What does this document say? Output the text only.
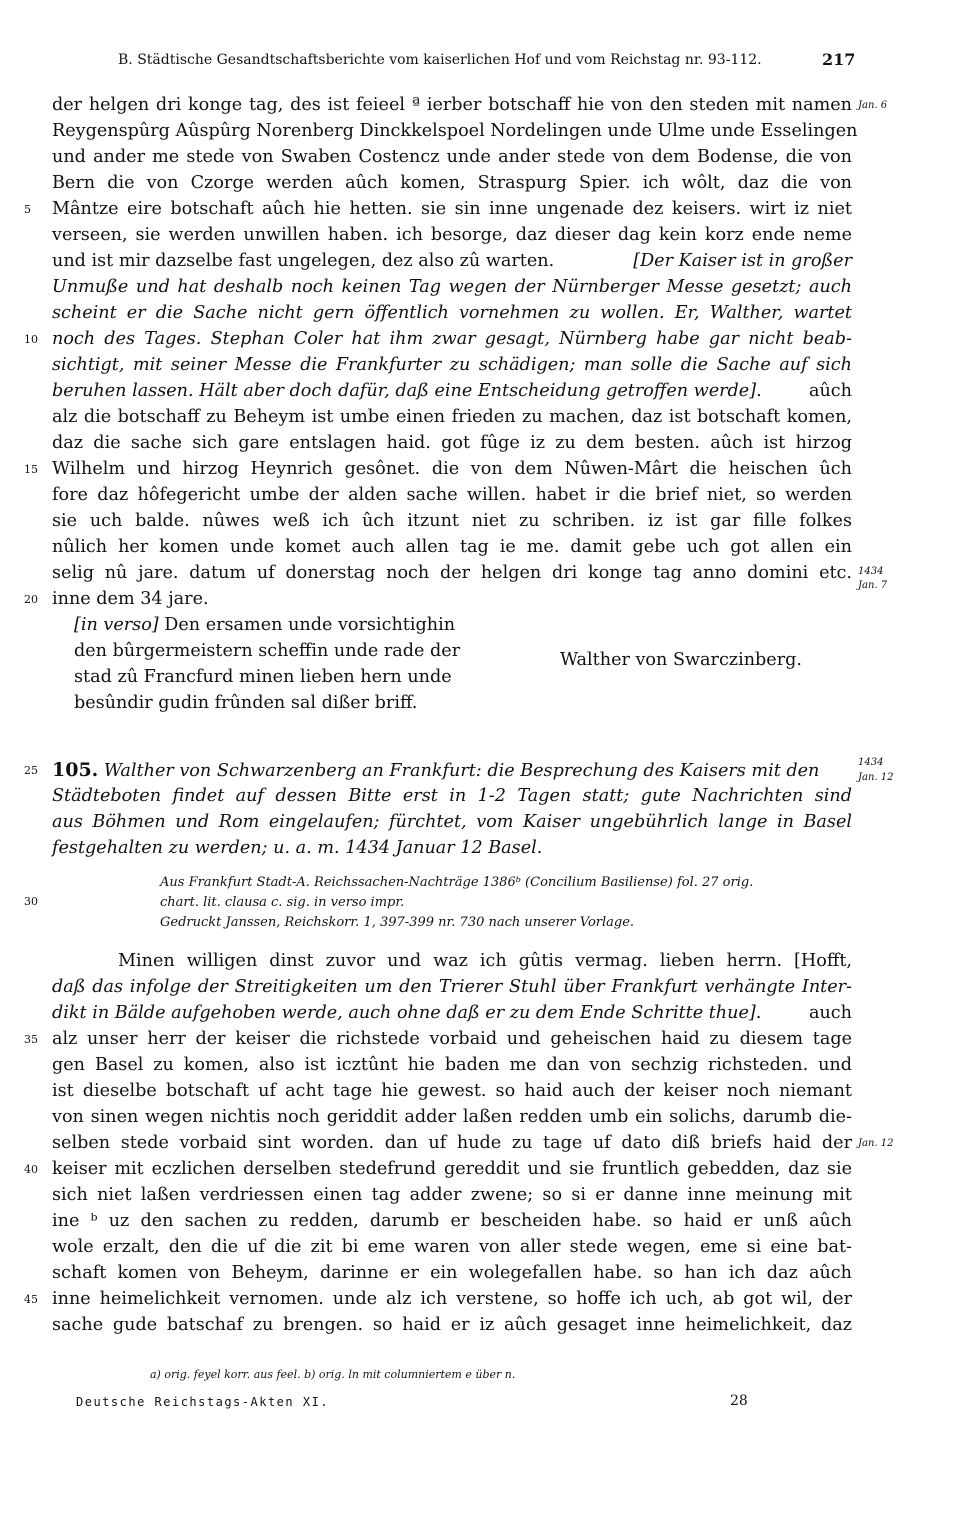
B. Städtische Gesandtschaftsberichte vom kaiserlichen Hof und vom Reichstag nr. 93-112.	217
der helgen dri konge tag, des ist feieel ª ierber botschaff hie von den steden mit namen
Reygenspûrg Aûspûrg Norenberg Dinckkelspoel Nordelingen unde Ulme unde Esselingen
und ander me stede von Swaben Costencz unde ander stede von dem Bodense, die von
Bern die von Czorge werden aûch komen, Straspurg Spier. ich wôlt, daz die von
Mântze eire botschaft aûch hie hetten. sie sin inne ungenade dez keisers. wirt iz niet
verseen, sie werden unwillen haben. ich besorge, daz dieser dag kein korz ende neme
und ist mir dazselbe fast ungelegen, dez also zû warten.	[Der Kaiser ist in großer
Unmuße und hat deshalb noch keinen Tag wegen der Nürnberger Messe gesetzt; auch
scheint er die Sache nicht gern öffentlich vornehmen zu wollen. Er, Walther, wartet
noch des Tages. Stephan Coler hat ihm zwar gesagt, Nürnberg habe gar nicht beab-
sichtigt, mit seiner Messe die Frankfurter zu schädigen; man solle die Sache auf sich
beruhen lassen. Hält aber doch dafür, daß eine Entscheidung getroffen werde].	aûch
alz die botschaff zu Beheym ist umbe einen frieden zu machen, daz ist botschaft komen,
daz die sache sich gare entslagen haid. got fûge iz zu dem besten. aûch ist hirzog
Wilhelm und hirzog Heynrich gesônet. die von dem Nûwen-Mârt die heischen ûch
fore daz hôfegericht umbe der alden sache willen. habet ir die brief niet, so werden
sie uch balde. nûwes weß ich ûch itzunt niet zu schriben. iz ist gar fille folkes
nûlich her komen unde komet auch allen tag ie me. damit gebe uch got allen ein
selig nû jare. datum uf donerstag noch der helgen dri konge tag anno domini etc.
inne dem 34 jare.
[in verso] Den ersamen unde vorsichtighin
den bûrgermeistern scheffin unde rade der
stad zû Francfurd minen lieben hern unde
besûndir gudin frûnden sal dißer briff.
Walther von Swarczinberg.
105. Walther von Schwarzenberg an Frankfurt: die Besprechung des Kaisers mit den
Städteboten findet auf dessen Bitte erst in 1-2 Tagen statt; gute Nachrichten sind
aus Böhmen und Rom eingelaufen; fürchtet, vom Kaiser ungebührlich lange in Basel
festgehalten zu werden; u. a. m. 1434 Januar 12 Basel.
Aus Frankfurt Stadt-A. Reichssachen-Nachträge 1386ᵇ (Concilium Basiliense) fol. 27 orig.
chart. lit. clausa c. sig. in verso impr.
Gedruckt Janssen, Reichskorr. 1, 397-399 nr. 730 nach unserer Vorlage.
Minen willigen dinst zuvor und waz ich gûtis vermag. lieben herrn. [Hofft,
daß das infolge der Streitigkeiten um den Trierer Stuhl über Frankfurt verhängte Inter-
dikt in Bälde aufgehoben werde, auch ohne daß er zu dem Ende Schritte thue].	auch
alz unser herr der keiser die richstede vorbaid und geheischen haid zu diesem tage
gen Basel zu komen, also ist icztûnt hie baden me dan von sechzig richsteden. und
ist dieselbe botschaft uf acht tage hie gewest. so haid auch der keiser noch niemant
von sinen wegen nichtis noch geriddit adder laßen redden umb ein solichs, darumb die-
selben stede vorbaid sint worden. dan uf hude zu tage uf dato diß briefs haid der
keiser mit eczlichen derselben stedefrund gereddit und sie fruntlich gebedden, daz sie
sich niet laßen verdriessen einen tag adder zwene; so si er danne inne meinung mit
ine ᵇ uz den sachen zu redden, darumb er bescheiden habe. so haid er unß aûch
wole erzalt, den die uf die zit bi eme waren von aller stede wegen, eme si eine bat-
schaft komen von Beheym, darinne er ein wolegefallen habe. so han ich daz aûch
inne heimelichkeit vernomen. unde alz ich verstene, so hoffe ich uch, ab got wil, der
sache gude batschaf zu brengen. so haid er iz aûch gesaget inne heimelichkeit, daz
5
10
15
20
25
30
35
40
45
Jan. 6
1434
Jan. 7
1434
Jan. 12
Jan. 12
a) orig. feyel korr. aus feel. b) orig. ln mit columniertem e über n.
Deutsche Reichstags-Akten XI.	28
